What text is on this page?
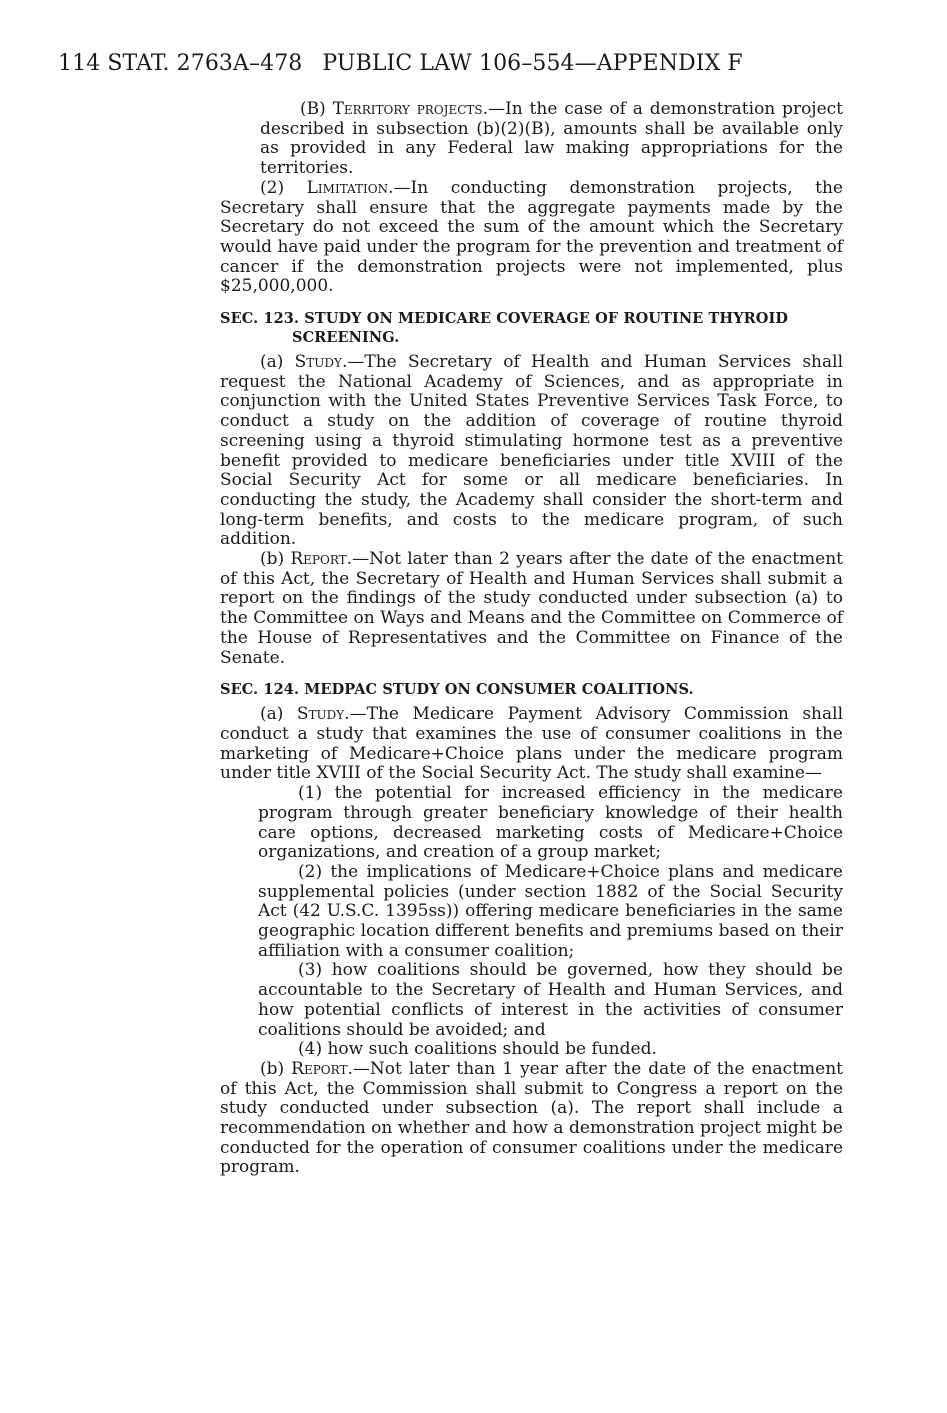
114 STAT. 2763A–478 PUBLIC LAW 106–554—APPENDIX F

(B) Territory projects.—In the case of a demonstration project described in subsection (b)(2)(B), amounts shall be available only as provided in any Federal law making appropriations for the territories.

(2) Limitation.—In conducting demonstration projects, the Secretary shall ensure that the aggregate payments made by the Secretary do not exceed the sum of the amount which the Secretary would have paid under the program for the prevention and treatment of cancer if the demonstration projects were not implemented, plus $25,000,000.

SEC. 123. STUDY ON MEDICARE COVERAGE OF ROUTINE THYROID SCREENING.

(a) Study.—The Secretary of Health and Human Services shall request the National Academy of Sciences, and as appropriate in conjunction with the United States Preventive Services Task Force, to conduct a study on the addition of coverage of routine thyroid screening using a thyroid stimulating hormone test as a preventive benefit provided to medicare beneficiaries under title XVIII of the Social Security Act for some or all medicare beneficiaries. In conducting the study, the Academy shall consider the short-term and long-term benefits, and costs to the medicare program, of such addition.

(b) Report.—Not later than 2 years after the date of the enactment of this Act, the Secretary of Health and Human Services shall submit a report on the findings of the study conducted under subsection (a) to the Committee on Ways and Means and the Committee on Commerce of the House of Representatives and the Committee on Finance of the Senate.

SEC. 124. MEDPAC STUDY ON CONSUMER COALITIONS.

(a) Study.—The Medicare Payment Advisory Commission shall conduct a study that examines the use of consumer coalitions in the marketing of Medicare+Choice plans under the medicare program under title XVIII of the Social Security Act. The study shall examine—

(1) the potential for increased efficiency in the medicare program through greater beneficiary knowledge of their health care options, decreased marketing costs of Medicare+Choice organizations, and creation of a group market;

(2) the implications of Medicare+Choice plans and medicare supplemental policies (under section 1882 of the Social Security Act (42 U.S.C. 1395ss)) offering medicare beneficiaries in the same geographic location different benefits and premiums based on their affiliation with a consumer coalition;

(3) how coalitions should be governed, how they should be accountable to the Secretary of Health and Human Services, and how potential conflicts of interest in the activities of consumer coalitions should be avoided; and

(4) how such coalitions should be funded.

(b) Report.—Not later than 1 year after the date of the enactment of this Act, the Commission shall submit to Congress a report on the study conducted under subsection (a). The report shall include a recommendation on whether and how a demonstration project might be conducted for the operation of consumer coalitions under the medicare program.
